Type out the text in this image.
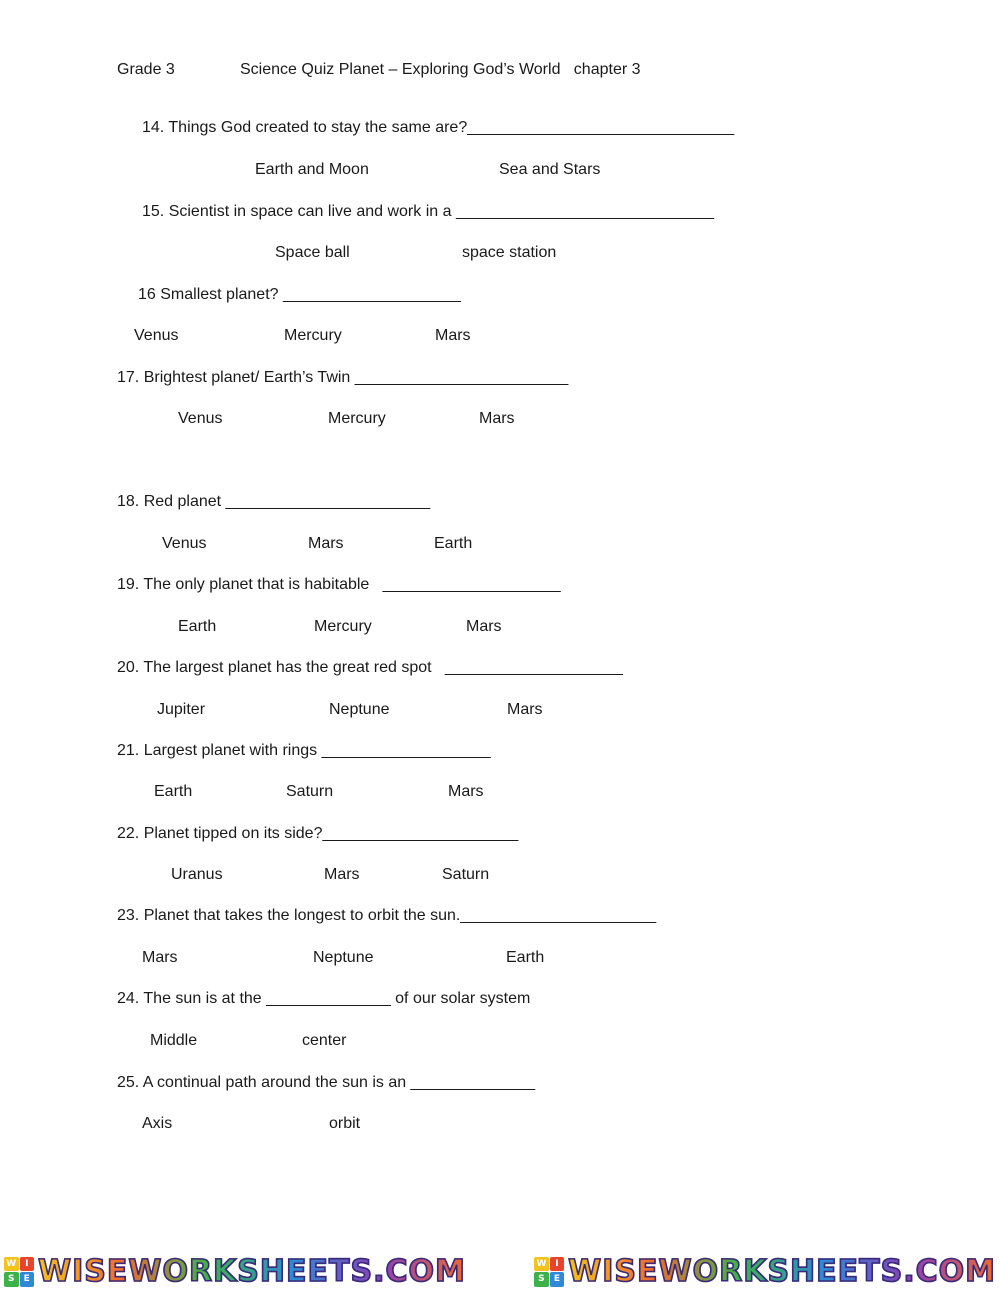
Grade 3	Science Quiz Planet – Exploring God’s World   chapter 3
14. Things God created to stay the same are?______________________________
Earth and Moon	Sea and Stars
15. Scientist in space can live and work in a _____________________________
Space ball	space station
16 Smallest planet? ____________________
Venus	Mercury	Mars
17. Brightest planet/ Earth’s Twin ________________________
Venus	Mercury	Mars
18. Red planet _______________________
Venus	Mars	Earth
19. The only planet that is habitable   ____________________
Earth	Mercury	Mars
20. The largest planet has the great red spot   ____________________
Jupiter	Neptune	Mars
21. Largest planet with rings ___________________
Earth	Saturn	Mars
22. Planet tipped on its side?______________________
Uranus	Mars	Saturn
23. Planet that takes the longest to orbit the sun.______________________
Mars	Neptune	Earth
24. The sun is at the ______________ of our solar system
Middle	center
25. A continual path around the sun is an ______________
Axis	orbit
W I
S	E WISEWORKSHEETS.COM	W I
S	E WISEWORKSHEETS.COM
